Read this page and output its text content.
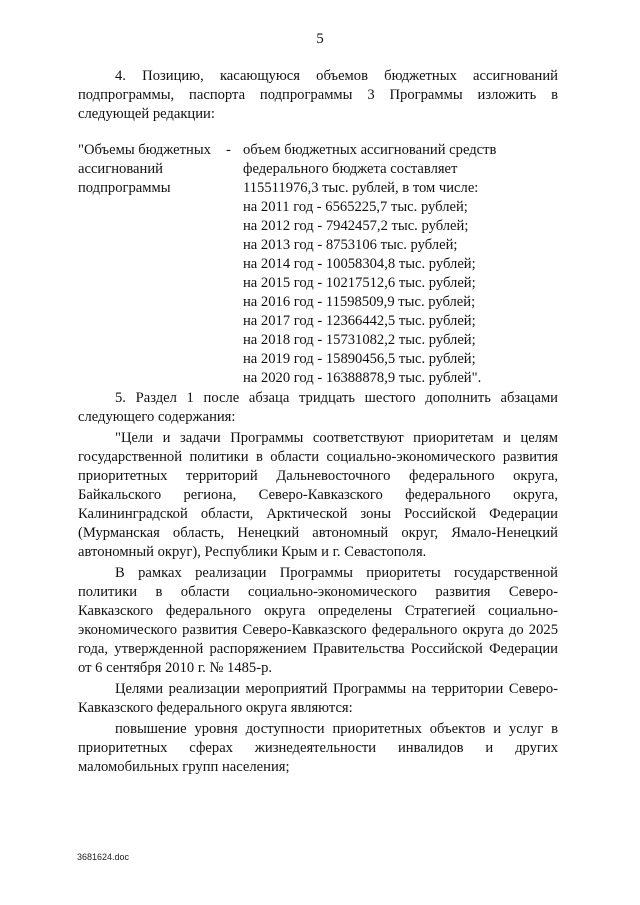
5

4. Позицию, касающуюся объемов бюджетных ассигнований подпрограммы, паспорта подпрограммы 3 Программы изложить в следующей редакции:

"Объемы бюджетных
ассигнований
подпрограммы
- объем бюджетных ассигнований средств
федерального бюджета составляет
115511976,3 тыс. рублей, в том числе:
на 2011 год - 6565225,7 тыс. рублей;
на 2012 год - 7942457,2 тыс. рублей;
на 2013 год - 8753106 тыс. рублей;
на 2014 год - 10058304,8 тыс. рублей;
на 2015 год - 10217512,6 тыс. рублей;
на 2016 год - 11598509,9 тыс. рублей;
на 2017 год - 12366442,5 тыс. рублей;
на 2018 год - 15731082,2 тыс. рублей;
на 2019 год - 15890456,5 тыс. рублей;
на 2020 год - 16388878,9 тыс. рублей".

5. Раздел 1 после абзаца тридцать шестого дополнить абзацами следующего содержания:

"Цели и задачи Программы соответствуют приоритетам и целям государственной политики в области социально-экономического развития приоритетных территорий Дальневосточного федерального округа, Байкальского региона, Северо-Кавказского федерального округа, Калининградской области, Арктической зоны Российской Федерации (Мурманская область, Ненецкий автономный округ, Ямало-Ненецкий автономный округ), Республики Крым и г. Севастополя.

В рамках реализации Программы приоритеты государственной политики в области социально-экономического развития Северо-Кавказского федерального округа определены Стратегией социально-экономического развития Северо-Кавказского федерального округа до 2025 года, утвержденной распоряжением Правительства Российской Федерации от 6 сентября 2010 г. № 1485-р.

Целями реализации мероприятий Программы на территории Северо-Кавказского федерального округа являются:

повышение уровня доступности приоритетных объектов и услуг в приоритетных сферах жизнедеятельности инвалидов и других маломобильных групп населения;

3681624.doc
